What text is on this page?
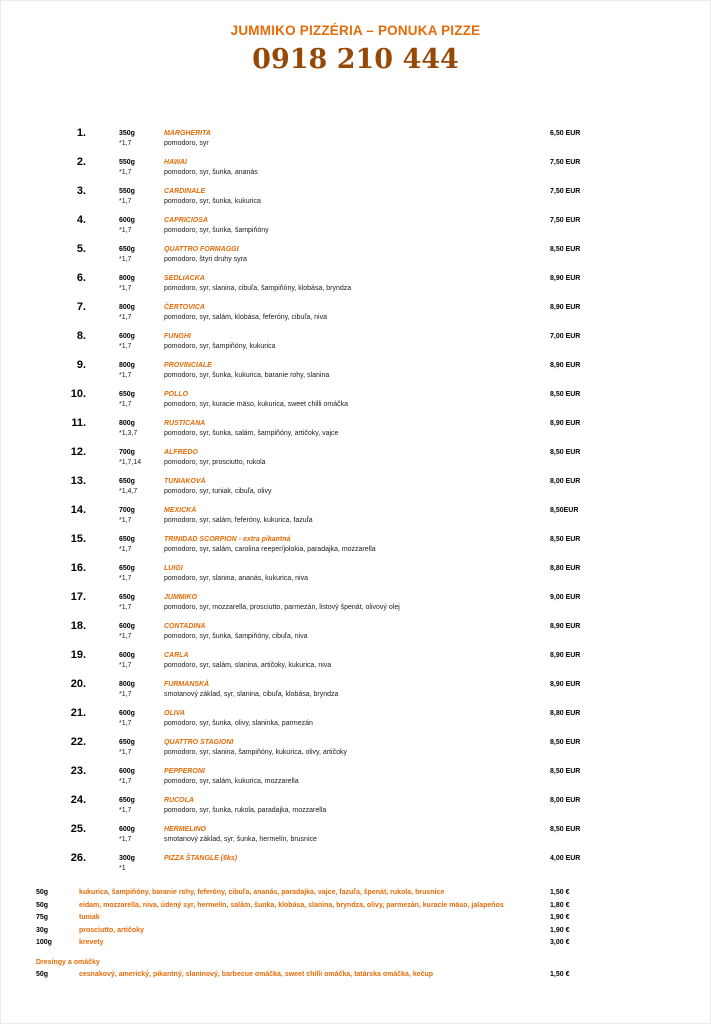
JUMMIKO PIZZÉRIA – PONUKA PIZZE
0918 210 444
1.	350g
*1,7
MARGHERITA
pomodoro, syr
6,50 EUR
2.	550g
*1,7
HAWAI
pomodoro, syr, šunka, ananás
7,50 EUR
3.	550g
*1,7
CARDINALE
pomodoro, syr, šunka, kukurica
7,50 EUR
4.	600g
*1,7
CAPRICIOSA
pomodoro, syr, šunka, šampiňóny
7,50 EUR
5.	650g
*1,7
QUATTRO FORMAGGI
pomodoro, štyri druhy syra
8,50 EUR
6.	800g
*1,7
SEDLIACKA
pomodoro, syr, slanina, cibuľa, šampiňóny, klobása, bryndza
8,90 EUR
7.	800g
*1,7
ČERTOVICA
pomodoro, syr, salám, klobása, feferóny, cibuľa, niva
8,90 EUR
8.	600g
*1,7
FUNGHI
pomodoro, syr, šampiňóny, kukurica
7,00 EUR
9.	800g
*1,7
PROVINCIALE
pomodoro, syr, šunka, kukurica, baranie rohy, slanina
8,90 EUR
10.	650g
*1,7
POLLO
pomodoro, syr, kuracie mäso, kukurica, sweet chilli omáčka
8,50 EUR
11.	800g
*1,3,7
RUSTICANA
pomodoro, syr, šunka, salám, šampiňóny, artičoky, vajce
8,90 EUR
12.	700g
*1,7,14
ALFREDO
pomodoro, syr, prosciutto, rukola
8,50 EUR
13.	650g
*1,4,7
TUNIAKOVÁ
pomodoro, syr, tuniak, cibuľa, olivy
8,00 EUR
14.	700g
*1,7
MEXICKÁ
pomodoro, syr, salám, feferóny, kukurica, fazuľa
8,50EUR
15.	650g
*1,7
TRINIDAD SCORPION - extra pikantná
pomodoro, syr, salám, carolina reeper/jolokia, paradajka, mozzarella
8,50 EUR
16.	650g
*1,7
LUIGI
pomodoro, syr, slanina, ananás, kukurica, niva
8,80 EUR
17.	650g
*1,7
JUMMIKO
pomodoro, syr, mozzarella, prosciutto, parmezán, listový špenát, olivový olej
9,00 EUR
18.	600g
*1,7
CONTADINA
pomodoro, syr, šunka, šampiňóny, cibuľa, niva
8,90 EUR
19.	600g
*1,7
CARLA
pomodoro, syr, salám, slanina, artičoky, kukurica, niva
8,90 EUR
20.	800g
*1,7
FURMANSKÁ
smotanový základ, syr, slanina, cibuľa, klobása, bryndza
8,90 EUR
21.	600g
*1,7
OLIVA
pomodoro, syr, šunka, olivy, slaninka, parmezán
8,80 EUR
22.	650g
*1,7
QUATTRO STAGIONI
pomodoro, syr, slanina, šampiňóny, kukurica, olivy, artičoky
8,50 EUR
23.	600g
*1,7
PEPPERONI
pomodoro, syr, salám, kukurica, mozzarella
8,50 EUR
24.	650g
*1,7
RUCOLA
pomodoro, syr, šunka, rukola, paradajka, mozzarella
8,00 EUR
25.	600g
*1,7
HERMELINO
smotanový základ, syr, šunka, hermelín, brusnice
8,50 EUR
26.	300g
*1
PIZZA ŠTANGLE (6ks)	4,00 EUR
50g	kukurica, šampiňóny, baranie rohy, feferóny, cibuľa, ananás, paradajka, vajce, fazuľa, špenát, rukola, brusnice	1,50 €
50g	eidam, mozzarella, niva, údený syr, hermelín, salám, šunka, klobása, slanina, bryndza, olivy, parmezán, kuracie mäso, jalapeňos	1,80 €
75g	tuniak	1,90 €
30g	prosciutto, artičoky	1,90 €
100g	krevety	3,00 €
Dresingy a omáčky
50g	cesnakový, americký, pikantný, slaninový, barbecue omáčka, sweet chilli omáčka, tatárska omáčka, kečup	1,50 €
